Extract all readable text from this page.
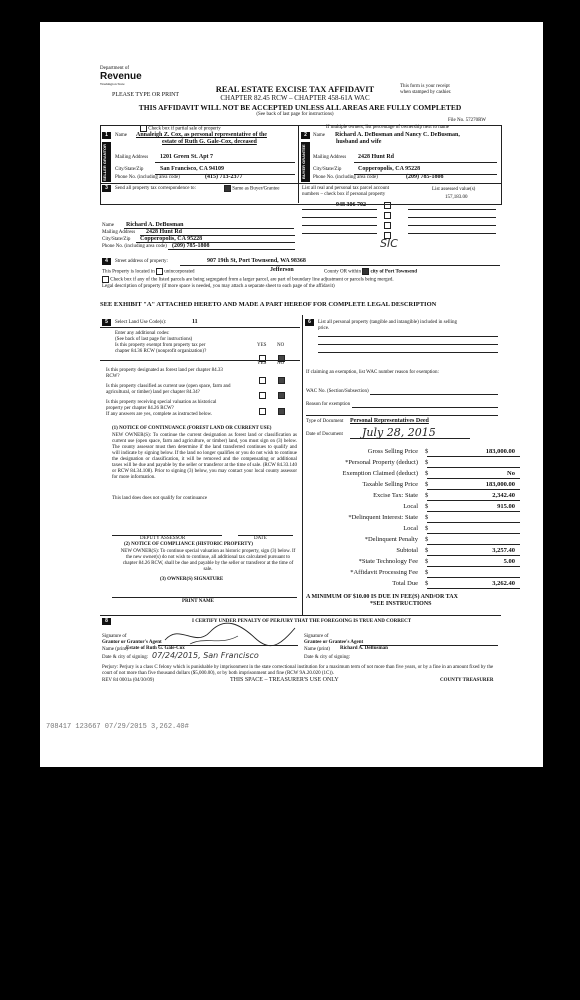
Department of
Revenue
Washington State
PLEASE TYPE OR PRINT
REAL ESTATE EXCISE TAX AFFIDAVIT
CHAPTER 82.45 RCW – CHAPTER 458-61A WAC
THIS AFFIDAVIT WILL NOT BE ACCEPTED UNLESS ALL AREAS ARE FULLY COMPLETED
(See back of last page for instructions)
This form is your receipt
when stamped by cashier.
File No. 57270RW
Check box if partial sale of property	If multiple owners, list percentage of ownership next to name
1
SELLER GRANTOR
Name Annaleigh Z. Cox, as personal representative of the
estate of Ruth G. Gale-Cox, deceased
Mailing Address 1201 Green St. Apt 7
City/State/Zip	San Francisco, CA 94109
Phone No. (including area code)	(415) 713-2377
2
BUYER GRANTEE
Name Richard A. DeBusman and Nancy C. DeBusman,
husband and wife
Mailing Address 2428 Hunt Rd
City/State/Zip	Copperopolis, CA 95228
Phone No. (including area code)	(209) 785-1808
3	Send all property tax correspondence to:	Same as Buyer/Grantee
Name Richard A. DeBusman
Mailing Address 2428 Hunt Rd
City/State/Zip Copperopolis, CA 95228
Phone No. (including area code) (209) 785-1808	SIC
List all real and personal tax parcel account
numbers – check box if personal property
List assessed value(s)
948 306 702
157,183.00
4	Street address of property:	907 19th St, Port Townsend, WA 98368
This Property is located in unincorporated	Jefferson	County OR within city of Port Townsend
Check box if any of the listed parcels are being segregated from a larger parcel, are part of boundary line adjustment or parcels being merged.
Legal description of property (if more space is needed, you may attach a separate sheet to each page of the affidavit)
SEE EXHIBIT "A" ATTACHED HERETO AND MADE A PART HEREOF FOR COMPLETE LEGAL DESCRIPTION
5	Select Land Use Code(s):	11
Enter any additional codes:
(See back of last page for instructions)
Is this property exempt from property tax per
chapter 84.36 RCW (nonprofit organization)?
YES NO
YES NO
Is this property designated as forest land per chapter 84.33
RCW?
Is this property classified as current use (open space, farm and
agricultural, or timber) land per chapter 84.34?
Is this property receiving special valuation as historical
property per chapter 84.26 RCW?
If any answers are yes, complete as instructed below.
(1) NOTICE OF CONTINUANCE (FOREST LAND OR CURRENT USE)
NEW OWNER(S): To continue the current designation as forest land or classification as current use (open space, farm and agriculture, or timber) land, you must sign on (3) below. The county assessor must then determine if the land transferred continues to qualify and will indicate by signing below. If the land no longer qualifies or you do not wish to continue the designation or classification, it will be removed and the compensating or additional taxes will be due and payable by the seller or transferor at the time of sale. (RCW 84.33.140 or RCW 84.34.108). Prior to signing (3) below, you may contact your local county assessor for more information.
This land does does not qualify for continuance
DEPUTY ASSESSOR	DATE
(2) NOTICE OF COMPLIANCE (HISTORIC PROPERTY)
NEW OWNER(S): To continue special valuation as historic property, sign (3) below. If the new owner(s) do not wish to continue, all additional tax calculated pursuant to chapter 84.26 RCW, shall be due and payable by the seller or transferor at the time of sale.
(3) OWNER(S) SIGNATURE
PRINT NAME
6	List all personal property (tangible and intangible) included in selling
price.
If claiming an exemption, list WAC number reason for exemption:
WAC No. (Section/Subsection)
Reason for exemption
Type of Document Personal Representatives Deed
Date of Document July 28, 2015
Gross Selling Price $	183,000.00
*Personal Property (deduct) $
Exemption Claimed (deduct) $	No
Taxable Selling Price $	183,000.00
Excise Tax: State $	2,342.40
Local $	915.00
*Delinquent Interest: State $
Local $
*Delinquent Penalty $
Subtotal $	3,257.40
*State Technology Fee $	5.00
*Affidavit Processing Fee $
Total Due $	3,262.40
A MINIMUM OF $10.00 IS DUE IN FEE(S) AND/OR TAX
*SEE INSTRUCTIONS
8	I CERTIFY UNDER PENALTY OF PERJURY THAT THE FOREGOING IS TRUE AND CORRECT
Signature of
Grantor or Grantor's Agent
Name (print)
Estate of Ruth G. Gale-Cox
Date & city of signing: 07/24/2015, San Francisco
Signature of
Grantee or Grantee's Agent
Name (print) Richard A. DeBusman
Date & city of signing:
Perjury: Perjury is a class C felony which is punishable by imprisonment in the state correctional institution for a maximum term of not more than five years, or by a fine in an amount fixed by the court of not more than five thousand dollars ($5,000.00), or by both imprisonment and fine (RCW 9A.20.020 (1C)).
REV 84 0001a (04/30/09)	THIS SPACE – TREASURER'S USE ONLY	COUNTY TREASURER
708417 123667 07/29/2015 3,262.40#
